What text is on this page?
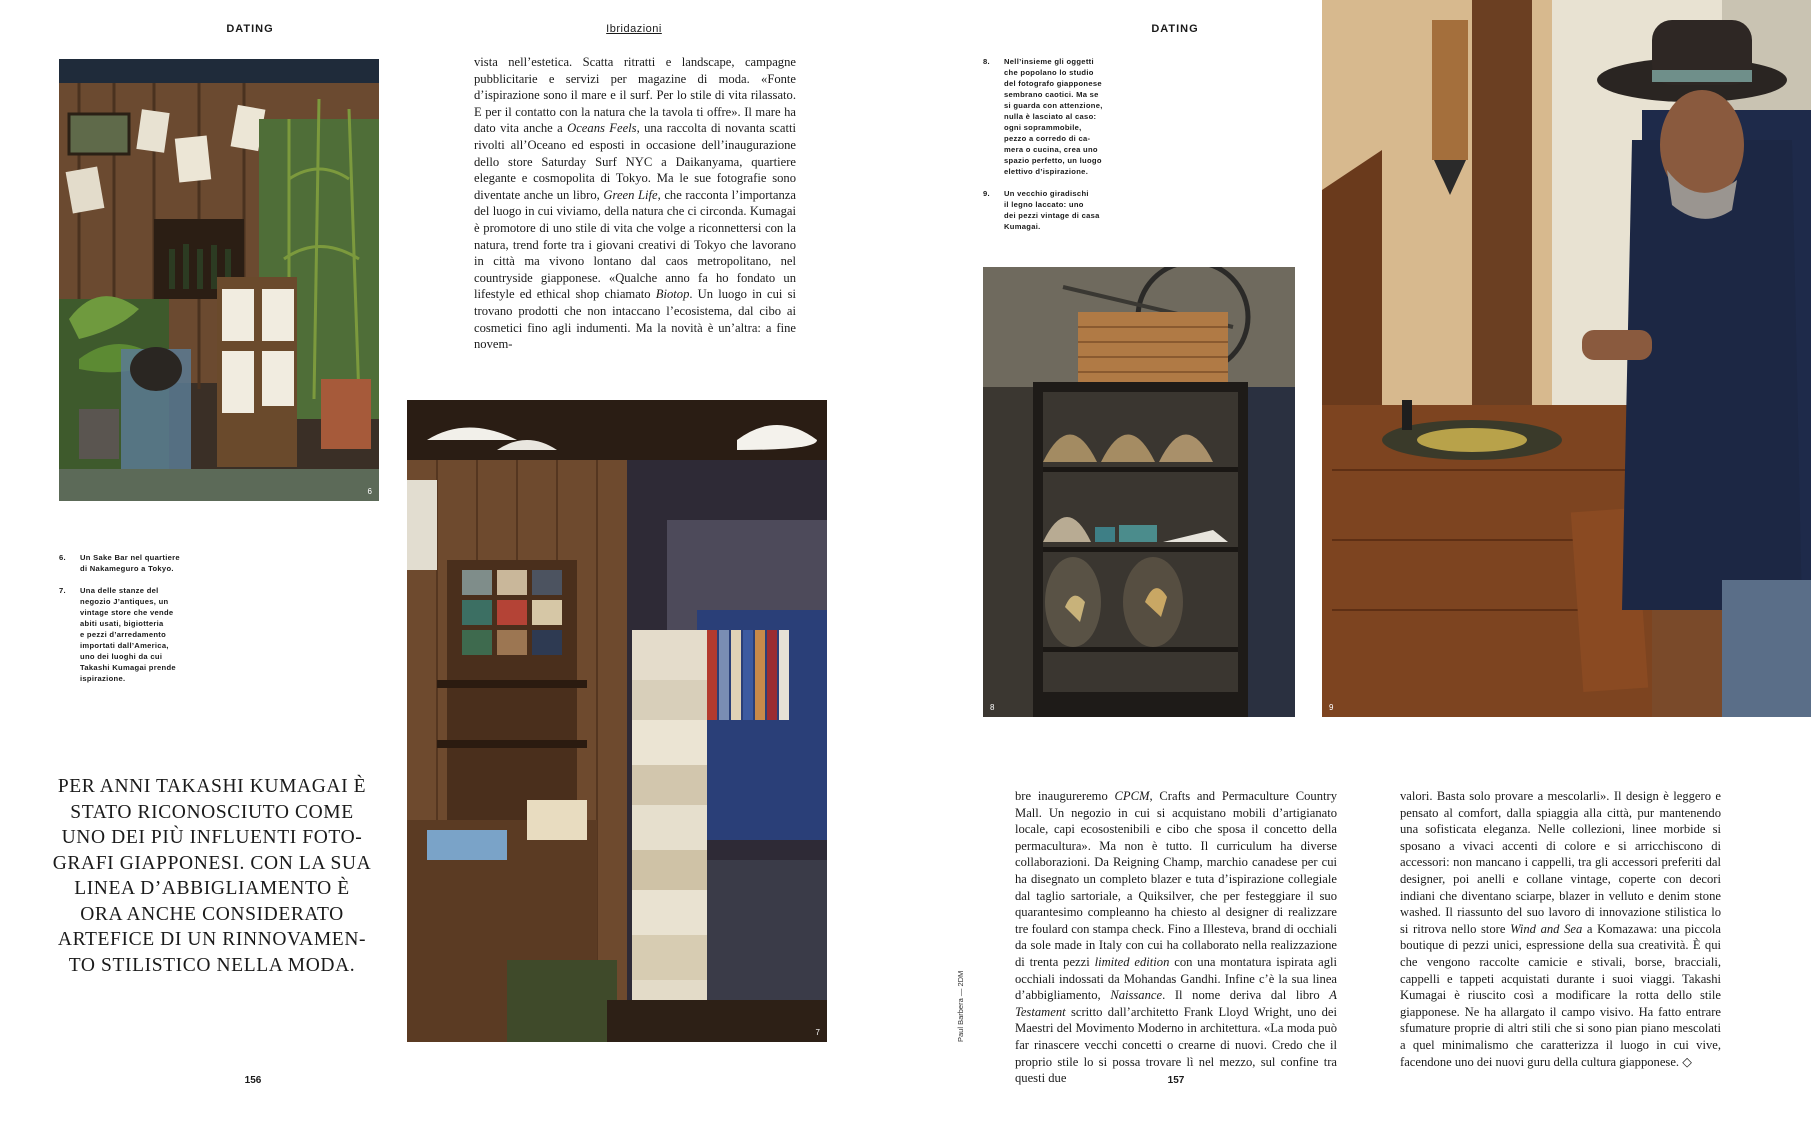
DATING	Ibridazioni
6

vista nell’estetica. Scatta ritratti e landscape, campagne pubblicitarie e servizi per magazine di moda. «Fonte d’ispirazione sono il mare e il surf. Per lo stile di vita rilassato. E per il contatto con la natura che la tavola ti offre». Il mare ha dato vita anche a Oceans Feels, una raccolta di novanta scatti rivolti all’Oceano ed esposti in occasione dell’inaugurazione dello store Saturday Surf NYC a Daikanyama, quartiere elegante e cosmopolita di Tokyo. Ma le sue fotografie sono diventate anche un libro, Green Life, che racconta l’importanza del luogo in cui viviamo, della natura che ci circonda. Kumagai è promotore di uno stile di vita che volge a riconnettersi con la natura, trend forte tra i giovani creativi di Tokyo che lavorano in città ma vivono lontano dal caos metropolitano, nel countryside giapponese. «Qualche anno fa ho fondato un lifestyle ed ethical shop chiamato Biotop. Un luogo in cui si trovano prodotti che non intaccano l’ecosistema, dal cibo ai cosmetici fino agli indumenti. Ma la novità è un’altra: a fine novem-

7
6.	Un Sake Bar nel quartiere
di Nakameguro a Tokyo.
7.	Una delle stanze del
negozio J’antiques, un
vintage store che vende
abiti usati, bigiotteria
e pezzi d’arredamento
importati dall’America,
uno dei luoghi da cui
Takashi Kumagai prende
ispirazione.
PER ANNI TAKASHI KUMAGAI È
STATO RICONOSCIUTO COME
UNO DEI PIÙ INFLUENTI FOTO-
GRAFI GIAPPONESI. CON LA SUA
LINEA D’ABBIGLIAMENTO È
ORA ANCHE CONSIDERATO
ARTEFICE DI UN RINNOVAMEN-
TO STILISTICO NELLA MODA.
156
DATING
8.	Nell’insieme gli oggetti
che popolano lo studio
del fotografo giapponese
sembrano caotici. Ma se
si guarda con attenzione,
nulla è lasciato al caso:
ogni soprammobile,
pezzo a corredo di ca-
mera o cucina, crea uno
spazio perfetto, un luogo
elettivo d’ispirazione.
9.	Un vecchio giradischi
il legno laccato: uno
dei pezzi vintage di casa
Kumagai.
8	9

bre inaugureremo CPCM, Crafts and Permaculture Country Mall. Un negozio in cui si acquistano mobili d’artigianato locale, capi ecosostenibili e cibo che sposa il concetto della permacultura». Ma non è tutto. Il curriculum ha diverse collaborazioni. Da Reigning Champ, marchio canadese per cui ha disegnato un completo blazer e tuta d’ispirazione collegiale dal taglio sartoriale, a Quiksilver, che per festeggiare il suo quarantesimo compleanno ha chiesto al designer di realizzare tre foulard con stampa check. Fino a Illesteva, brand di occhiali da sole made in Italy con cui ha collaborato nella realizzazione di trenta pezzi limited edition con una montatura ispirata agli occhiali indossati da Mohandas Gandhi. Infine c’è la sua linea d’abbigliamento, Naissance. Il nome deriva dal libro A Testament scritto dall’architetto Frank Lloyd Wright, uno dei Maestri del Movimento Moderno in architettura. «La moda può far rinascere vecchi concetti o crearne di nuovi. Credo che il proprio stile lo si possa trovare lì nel mezzo, sul confine tra questi due

valori. Basta solo provare a mescolarli». Il design è leggero e pensato al comfort, dalla spiaggia alla città, pur mantenendo una sofisticata eleganza. Nelle collezioni, linee morbide si sposano a vivaci accenti di colore e si arricchiscono di accessori: non mancano i cappelli, tra gli accessori preferiti dal designer, poi anelli e collane vintage, coperte con decori indiani che diventano sciarpe, blazer in velluto e denim stone washed. Il riassunto del suo lavoro di innovazione stilistica lo si ritrova nello store Wind and Sea a Komazawa: una piccola boutique di pezzi unici, espressione della sua creatività. È qui che vengono raccolte camicie e stivali, borse, bracciali, cappelli e tappeti acquistati durante i suoi viaggi. Takashi Kumagai è riuscito così a modificare la rotta dello stile giapponese. Ne ha allargato il campo visivo. Ha fatto entrare sfumature proprie di altri stili che si sono pian piano mescolati a quel minimalismo che caratterizza il luogo in cui vive, facendone uno dei nuovi guru della cultura giapponese. ◇

Paul Barbera — 2DM
157
